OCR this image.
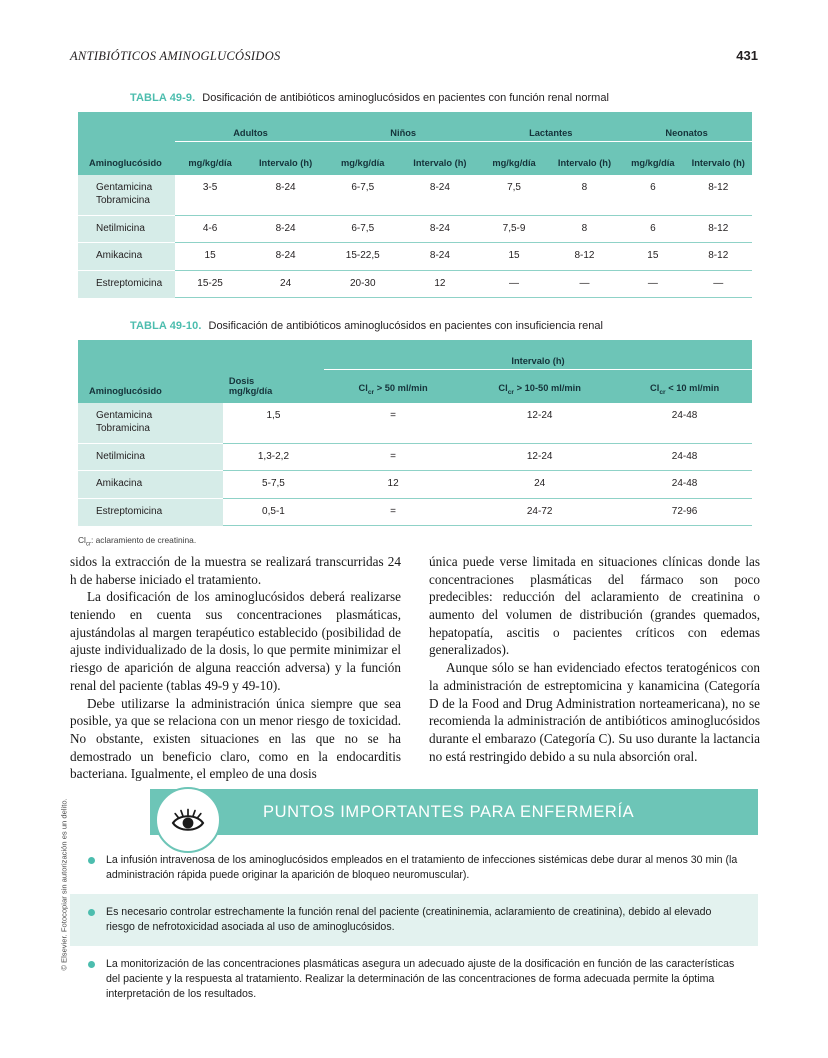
ANTIBIÓTICOS AMINOGLUCÓSIDOS	431
TABLA 49-9. Dosificación de antibióticos aminoglucósidos en pacientes con función renal normal
	Adultos		Niños		Lactantes		Neonatos	
Aminoglucósido	mg/kg/día	Intervalo (h)	mg/kg/día	Intervalo (h)	mg/kg/día	Intervalo (h)	mg/kg/día	Intervalo (h)

Gentamicina
Tobramicina	3-5	8-24	6-7,5	8-24	7,5	8	6	8-12

Netilmicina	4-6	8-24	6-7,5	8-24	7,5-9	8	6	8-12

Amikacina	15	8-24	15-22,5	8-24	15	8-12	15	8-12

Estreptomicina	15-25	24	20-30	12	—	—	—	—
TABLA 49-10. Dosificación de antibióticos aminoglucósidos en pacientes con insuficiencia renal
		Intervalo (h)		
Aminoglucósido	Dosis
mg/kg/día	$Cl_{cr} > 50$ ml/min	$Cl_{cr} > 10-50$ ml/min	$Cl_{cr} < 10$ ml/min

Gentamicina
Tobramicina	1,5	=	12-24	24-48

Netilmicina	1,3-2,2	=	12-24	24-48

Amikacina	5-7,5	12	24	24-48

Estreptomicina	0,5-1	=	24-72	72-96
$Cl_{cr}$: aclaramiento de creatinina.

sidos la extracción de la muestra se realizará transcurridas 24 h de haberse iniciado el tratamiento.

La dosificación de los aminoglucósidos deberá realizarse teniendo en cuenta sus concentraciones plasmáticas, ajustándolas al margen terapéutico establecido (posibilidad de ajuste individualizado de la dosis, lo que permite minimizar el riesgo de aparición de alguna reacción adversa) y la función renal del paciente (tablas 49-9 y 49-10).

Debe utilizarse la administración única siempre que sea posible, ya que se relaciona con un menor riesgo de toxicidad. No obstante, existen situaciones en las que no se ha demostrado un beneficio claro, como en la endocarditis bacteriana. Igualmente, el empleo de una dosis

única puede verse limitada en situaciones clínicas donde las concentraciones plasmáticas del fármaco son poco predecibles: reducción del aclaramiento de creatinina o aumento del volumen de distribución (grandes quemados, hepatopatía, ascitis o pacientes críticos con edemas generalizados).

Aunque sólo se han evidenciado efectos teratogénicos con la administración de estreptomicina y kanamicina (Categoría D de la Food and Drug Administration norteamericana), no se recomienda la administración de antibióticos aminoglucósidos durante el embarazo (Categoría C). Su uso durante la lactancia no está restringido debido a su nula absorción oral.

PUNTOS IMPORTANTES PARA ENFERMERÍA
La infusión intravenosa de los aminoglucósidos empleados en el tratamiento de infecciones sistémicas debe durar al menos 30 min (la administración rápida puede originar la aparición de bloqueo neuromuscular).
Es necesario controlar estrechamente la función renal del paciente (creatininemia, aclaramiento de creatinina), debido al elevado riesgo de nefrotoxicidad asociada al uso de aminoglucósidos.
La monitorización de las concentraciones plasmáticas asegura un adecuado ajuste de la dosificación en función de las características del paciente y la respuesta al tratamiento. Realizar la determinación de las concentraciones de forma adecuada permite la óptima interpretación de los resultados.
© Elsevier. Fotocopiar sin autorización es un delito.
